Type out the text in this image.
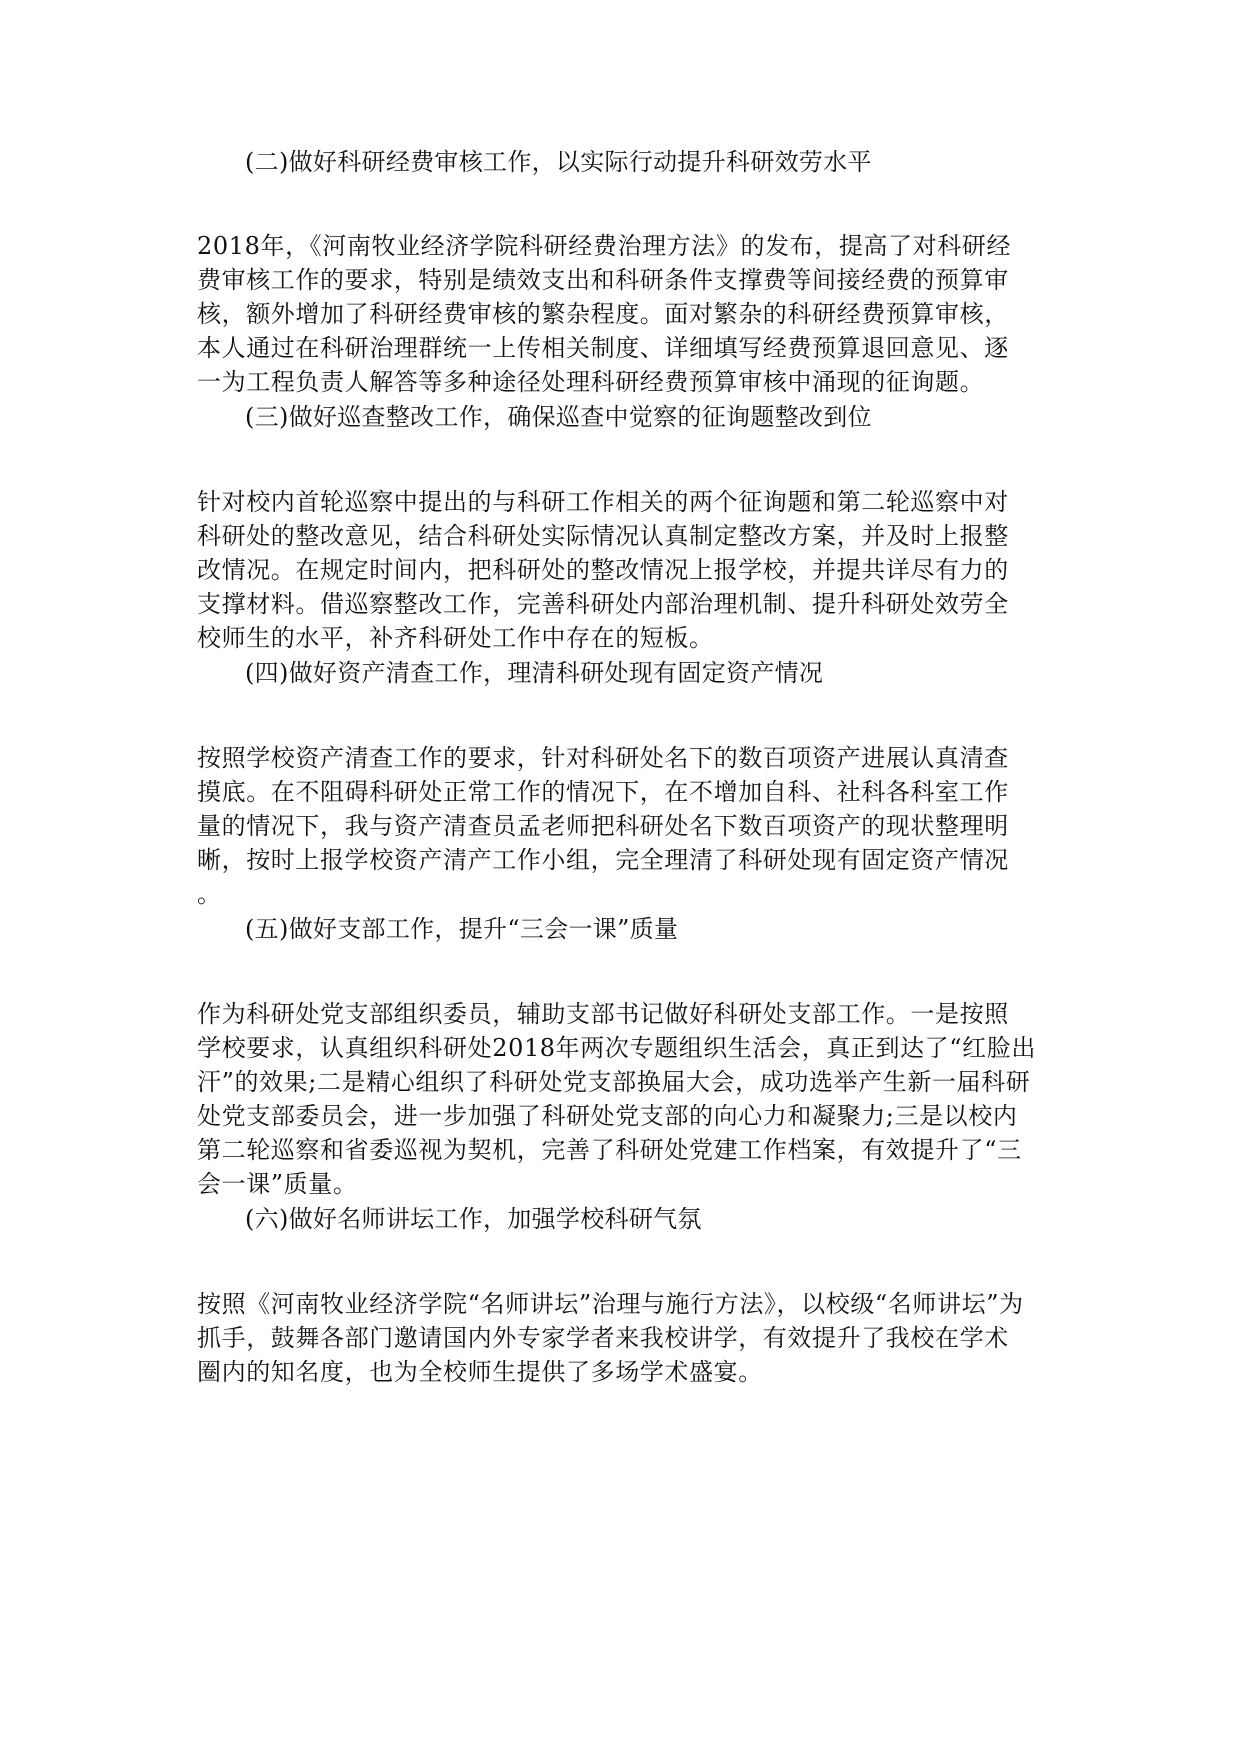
(二)做好科研经费审核工作，以实际行动提升科研效劳水平
2018年，《河南牧业经济学院科研经费治理方法》的发布，提高了对科研经
费审核工作的要求，特别是绩效支出和科研条件支撑费等间接经费的预算审
核，额外增加了科研经费审核的繁杂程度。面对繁杂的科研经费预算审核，
本人通过在科研治理群统一上传相关制度、详细填写经费预算退回意见、逐
一为工程负责人解答等多种途径处理科研经费预算审核中涌现的征询题。
(三)做好巡查整改工作，确保巡查中觉察的征询题整改到位
针对校内首轮巡察中提出的与科研工作相关的两个征询题和第二轮巡察中对
科研处的整改意见，结合科研处实际情况认真制定整改方案，并及时上报整
改情况。在规定时间内，把科研处的整改情况上报学校，并提共详尽有力的
支撑材料。借巡察整改工作，完善科研处内部治理机制、提升科研处效劳全
校师生的水平，补齐科研处工作中存在的短板。
(四)做好资产清查工作，理清科研处现有固定资产情况
按照学校资产清查工作的要求，针对科研处名下的数百项资产进展认真清查
摸底。在不阻碍科研处正常工作的情况下，在不增加自科、社科各科室工作
量的情况下，我与资产清查员孟老师把科研处名下数百项资产的现状整理明
晰，按时上报学校资产清产工作小组，完全理清了科研处现有固定资产情况
。
(五)做好支部工作，提升“三会一课”质量
作为科研处党支部组织委员，辅助支部书记做好科研处支部工作。一是按照
学校要求，认真组织科研处2018年两次专题组织生活会，真正到达了“红脸出
汗”的效果;二是精心组织了科研处党支部换届大会，成功选举产生新一届科研
处党支部委员会，进一步加强了科研处党支部的向心力和凝聚力;三是以校内
第二轮巡察和省委巡视为契机，完善了科研处党建工作档案，有效提升了“三
会一课”质量。
(六)做好名师讲坛工作，加强学校科研气氛
按照《河南牧业经济学院“名师讲坛”治理与施行方法》，以校级“名师讲坛”为
抓手，鼓舞各部门邀请国内外专家学者来我校讲学，有效提升了我校在学术
圈内的知名度，也为全校师生提供了多场学术盛宴。
